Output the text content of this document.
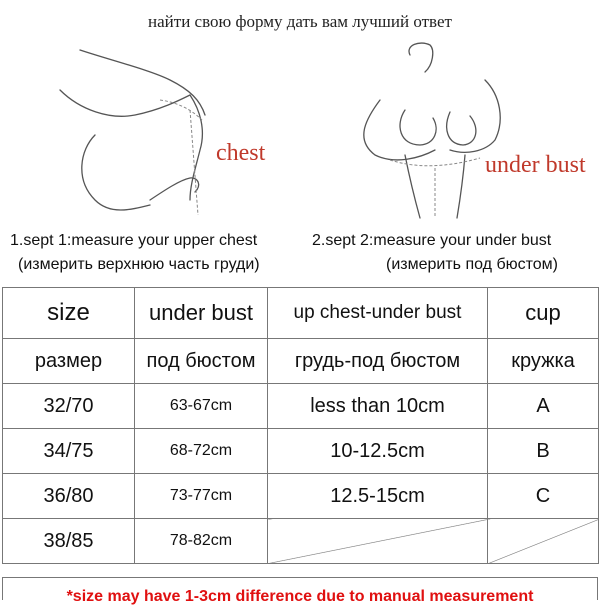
найти свою форму дать вам лучший ответ
chest	under bust
1.sept 1:measure your upper chest
(измерить верхнюю часть груди)
2.sept 2:measure your under bust
(измерить под бюстом)
size	under bust	up chest-under bust	cup
размер	под бюстом	грудь-под бюстом	кружка
32/70	63-67cm	less than 10cm	A
34/75	68-72cm	10-12.5cm	B
36/80	73-77cm	12.5-15cm	C
38/85	78-82cm		
*size may have 1-3cm difference due to manual measurement
